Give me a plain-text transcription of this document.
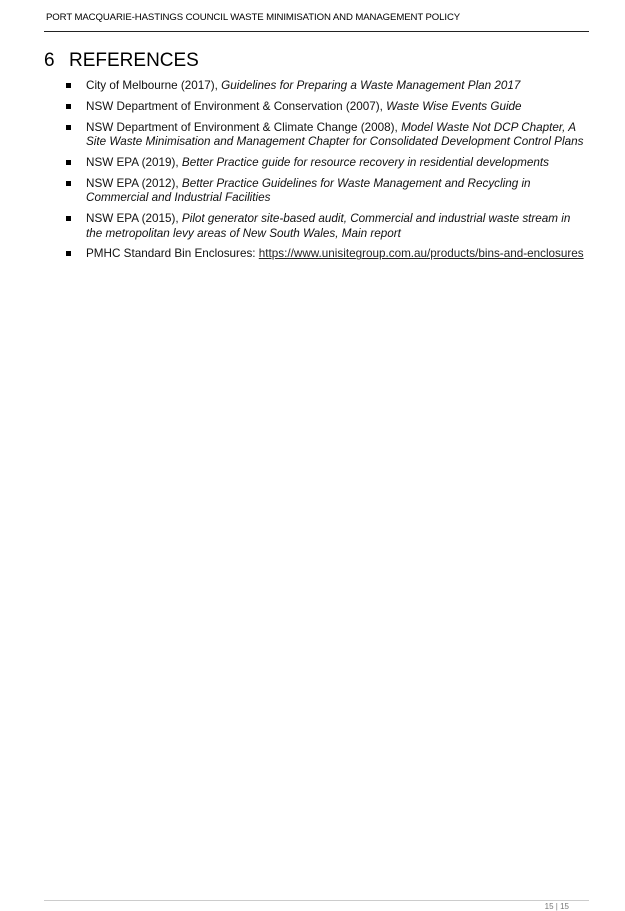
PORT MACQUARIE-HASTINGS COUNCIL WASTE MINIMISATION AND MANAGEMENT POLICY
6 REFERENCES
City of Melbourne (2017), Guidelines for Preparing a Waste Management Plan 2017
NSW Department of Environment & Conservation (2007), Waste Wise Events Guide
NSW Department of Environment & Climate Change (2008), Model Waste Not DCP Chapter, A Site Waste Minimisation and Management Chapter for Consolidated Development Control Plans
NSW EPA (2019), Better Practice guide for resource recovery in residential developments
NSW EPA (2012), Better Practice Guidelines for Waste Management and Recycling in Commercial and Industrial Facilities
NSW EPA (2015), Pilot generator site-based audit, Commercial and industrial waste stream in the metropolitan levy areas of New South Wales, Main report
PMHC Standard Bin Enclosures: https://www.unisitegroup.com.au/products/bins-and-enclosures
15 | 15
